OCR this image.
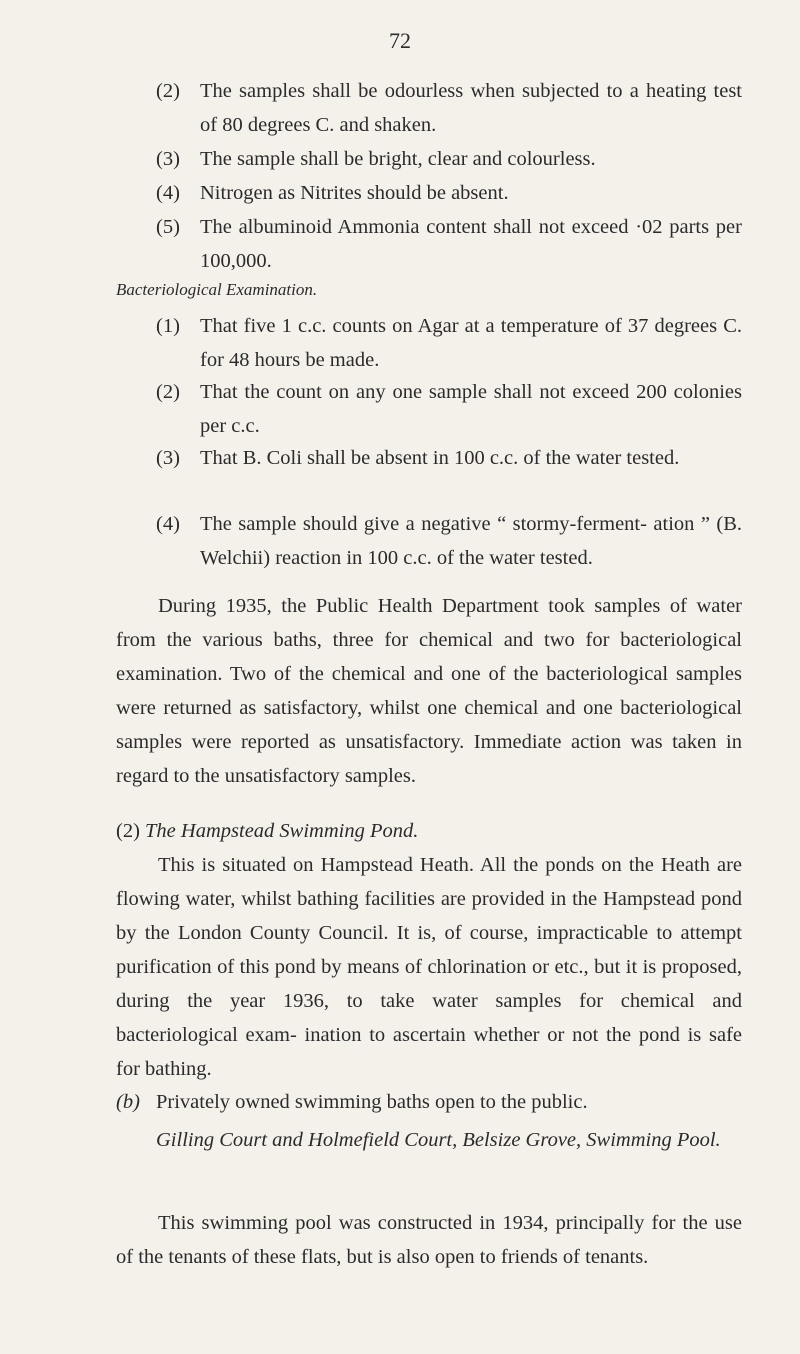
72
(2) The samples shall be odourless when subjected to a heating test of 80 degrees C. and shaken.
(3) The sample shall be bright, clear and colourless.
(4) Nitrogen as Nitrites should be absent.
(5) The albuminoid Ammonia content shall not exceed ·02 parts per 100,000.
Bacteriological Examination.
(1) That five 1 c.c. counts on Agar at a temperature of 37 degrees C. for 48 hours be made.
(2) That the count on any one sample shall not exceed 200 colonies per c.c.
(3) That B. Coli shall be absent in 100 c.c. of the water tested.
(4) The sample should give a negative “ stormy-ferment- ation ” (B. Welchii) reaction in 100 c.c. of the water tested.
During 1935, the Public Health Department took samples of water from the various baths, three for chemical and two for bacteriological examination. Two of the chemical and one of the bacteriological samples were returned as satisfactory, whilst one chemical and one bacteriological samples were reported as unsatisfactory. Immediate action was taken in regard to the unsatisfactory samples.
(2) The Hampstead Swimming Pond.
This is situated on Hampstead Heath. All the ponds on the Heath are flowing water, whilst bathing facilities are provided in the Hampstead pond by the London County Council. It is, of course, impracticable to attempt purification of this pond by means of chlorination or etc., but it is proposed, during the year 1936, to take water samples for chemical and bacteriological exam- ination to ascertain whether or not the pond is safe for bathing.
(b) Privately owned swimming baths open to the public.
Gilling Court and Holmefield Court, Belsize Grove, Swimming Pool.
This swimming pool was constructed in 1934, principally for the use of the tenants of these flats, but is also open to friends of tenants.
